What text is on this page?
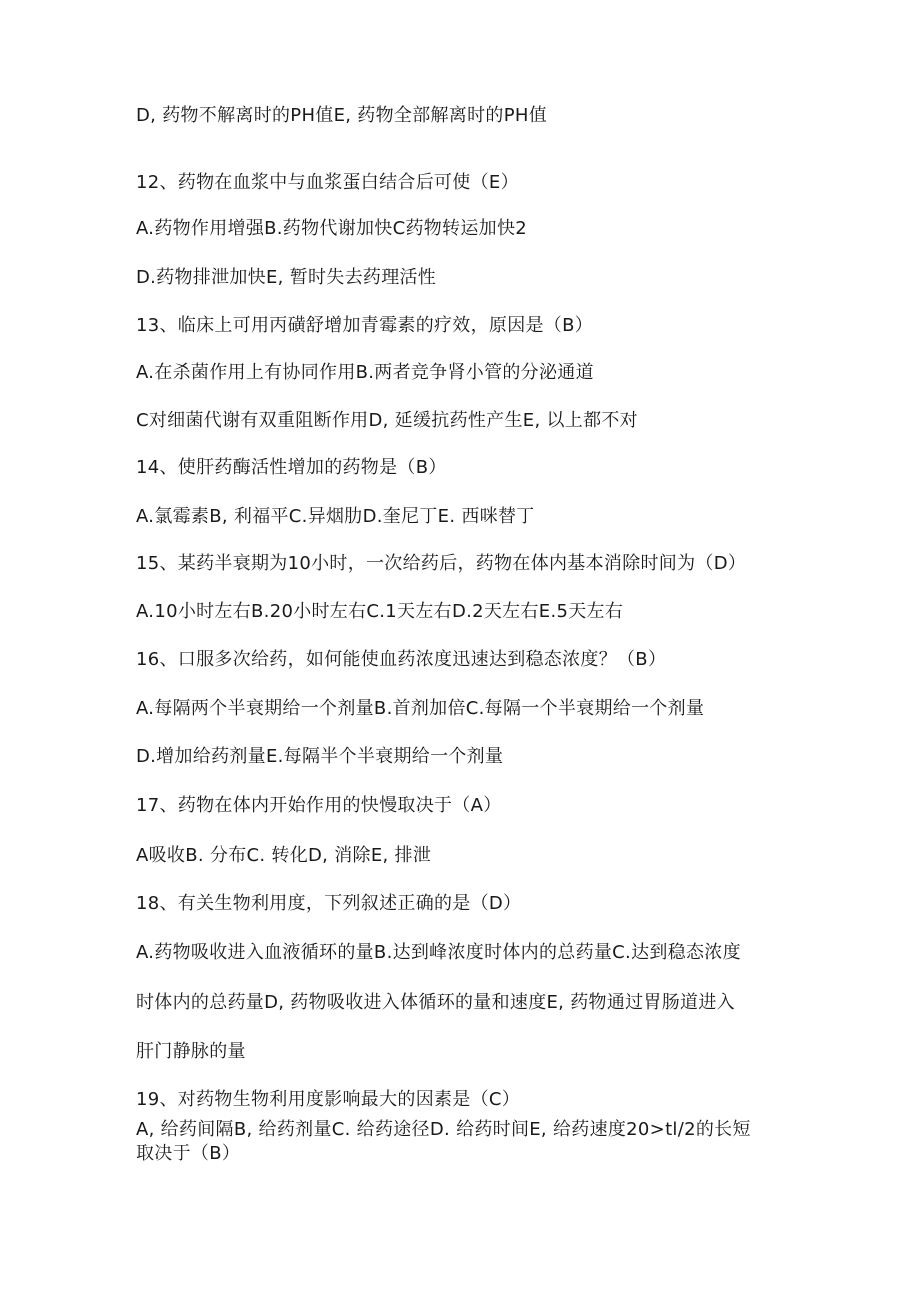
D, 药物不解离时的PH值E, 药物全部解离时的PH值
12、药物在血浆中与血浆蛋白结合后可使（E）
A.药物作用增强B.药物代谢加快C药物转运加快2
D.药物排泄加快E, 暂时失去药理活性
13、临床上可用丙磺舒增加青霉素的疗效，原因是（B）
A.在杀菌作用上有协同作用B.两者竞争肾小管的分泌通道
C对细菌代谢有双重阻断作用D, 延缓抗药性产生E, 以上都不对
14、使肝药酶活性增加的药物是（B）
A.氯霉素B, 利福平C.异烟肋D.奎尼丁E. 西咪替丁
15、某药半衰期为10小时，一次给药后，药物在体内基本消除时间为（D）
A.10小时左右B.20小时左右C.1天左右D.2天左右E.5天左右
16、口服多次给药，如何能使血药浓度迅速达到稳态浓度？（B）
A.每隔两个半衰期给一个剂量B.首剂加倍C.每隔一个半衰期给一个剂量
D.增加给药剂量E.每隔半个半衰期给一个剂量
17、药物在体内开始作用的快慢取决于（A）
A吸收B. 分布C. 转化D, 消除E, 排泄
18、有关生物利用度，下列叙述正确的是（D）
A.药物吸收进入血液循环的量B.达到峰浓度时体内的总药量C.达到稳态浓度
时体内的总药量D, 药物吸收进入体循环的量和速度E, 药物通过胃肠道进入
肝门静脉的量
19、对药物生物利用度影响最大的因素是（C）
A, 给药间隔B, 给药剂量C. 给药途径D. 给药时间E, 给药速度20>tl/2的长短
取决于（B）
